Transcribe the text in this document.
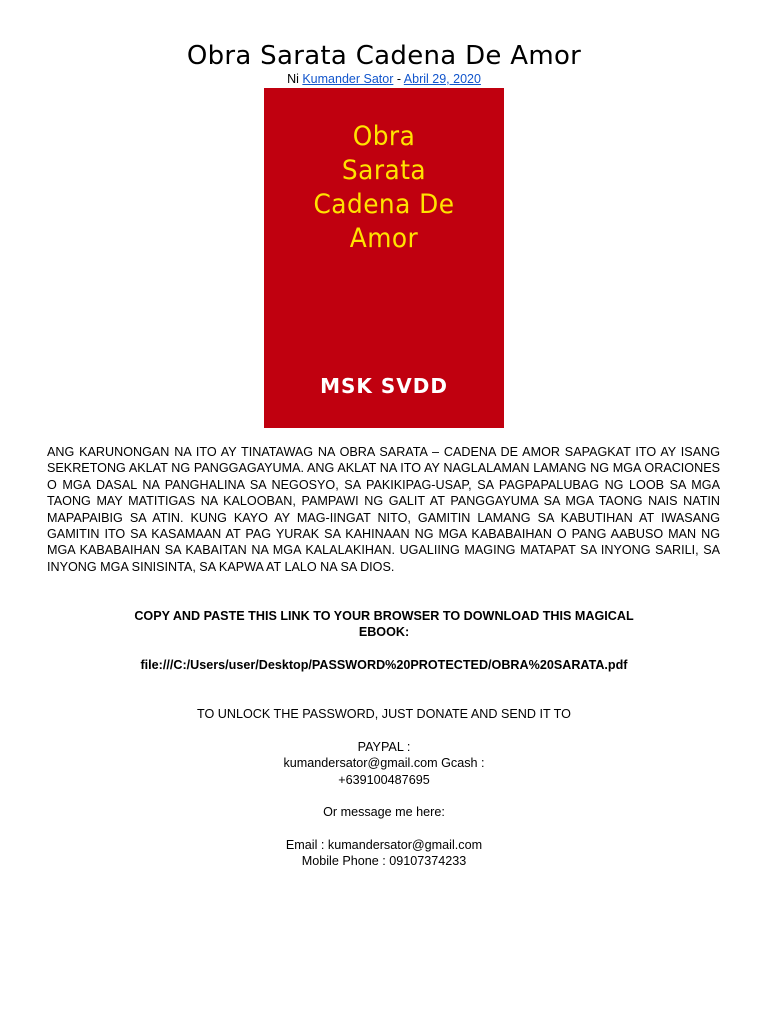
Obra Sarata Cadena De Amor
Ni Kumander Sator - Abril 29, 2020
Obra
Sarata
Cadena De
Amor
MSK SVDD

ANG KARUNONGAN NA ITO AY TINATAWAG NA OBRA SARATA – CADENA DE AMOR SAPAGKAT ITO AY ISANG SEKRETONG AKLAT NG PANGGAGAYUMA. ANG AKLAT NA ITO AY NAGLALAMAN LAMANG NG MGA ORACIONES O MGA DASAL NA PANGHALINA SA NEGOSYO, SA PAKIKIPAG-USAP, SA PAGPAPALUBAG NG LOOB SA MGA TAONG MAY MATITIGAS NA KALOOBAN, PAMPAWI NG GALIT AT PANGGAYUMA SA MGA TAONG NAIS NATIN MAPAPAIBIG SA ATIN. KUNG KAYO AY MAG-IINGAT NITO, GAMITIN LAMANG SA KABUTIHAN AT IWASANG GAMITIN ITO SA KASAMAAN AT PAG YURAK SA KAHINAAN NG MGA KABABAIHAN O PANG AABUSO MAN NG MGA KABABAIHAN SA KABAITAN NA MGA KALALAKIHAN. UGALIING MAGING MATAPAT SA INYONG SARILI, SA INYONG MGA SINISINTA, SA KAPWA AT LALO NA SA DIOS.

COPY AND PASTE THIS LINK TO YOUR BROWSER TO DOWNLOAD THIS MAGICAL
EBOOK:

file:///C:/Users/user/Desktop/PASSWORD%20PROTECTED/OBRA%20SARATA.pdf

TO UNLOCK THE PASSWORD, JUST DONATE AND SEND IT TO

PAYPAL :
kumandersator@gmail.com Gcash :
+639100487695

Or message me here:

Email : kumandersator@gmail.com
Mobile Phone : 09107374233
